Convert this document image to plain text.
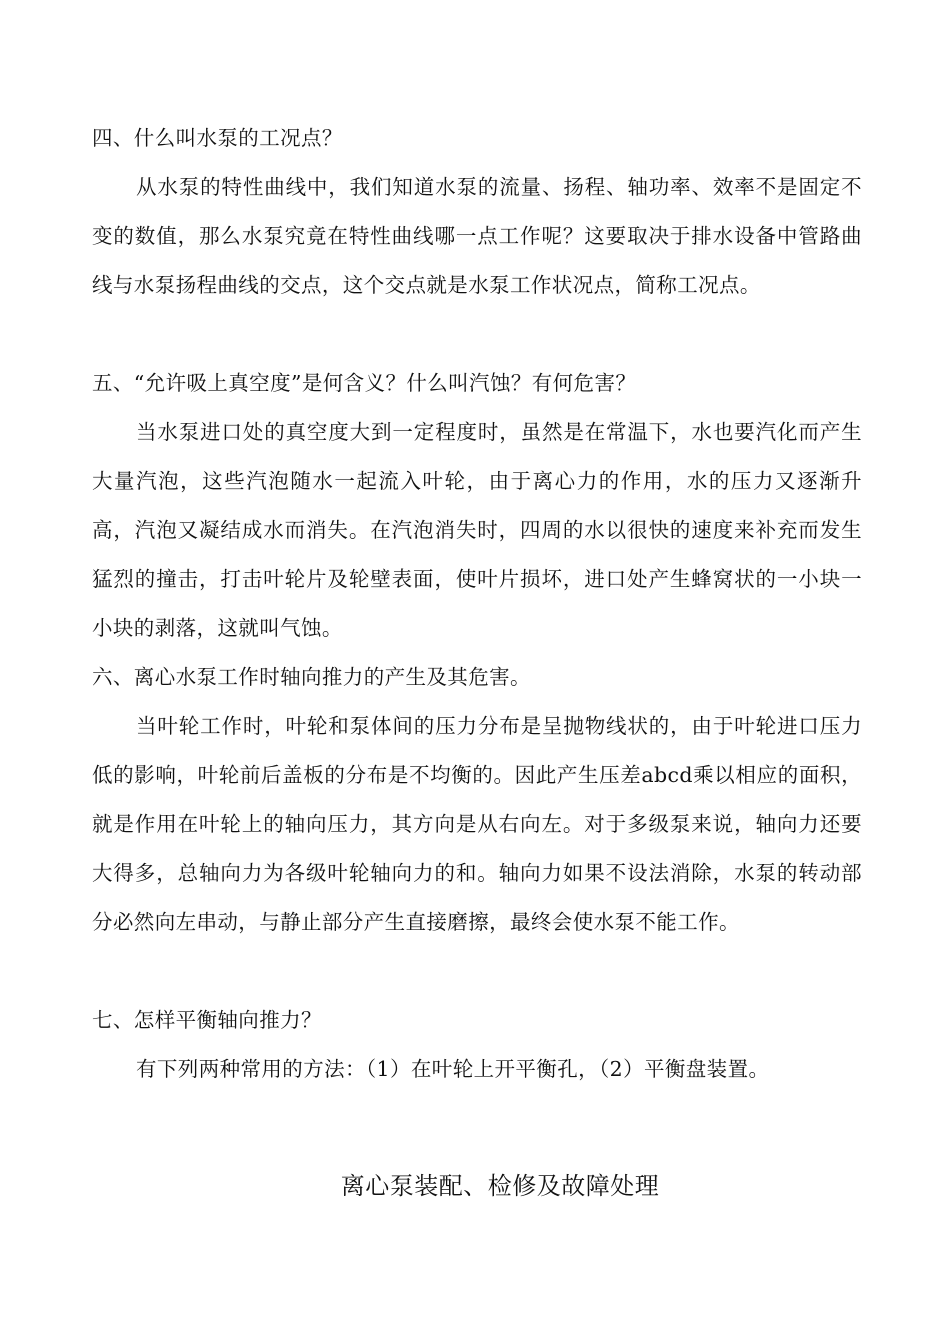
四、什么叫水泵的工况点？

从水泵的特性曲线中，我们知道水泵的流量、扬程、轴功率、效率不是固定不变的数值，那么水泵究竟在特性曲线哪一点工作呢？这要取决于排水设备中管路曲线与水泵扬程曲线的交点，这个交点就是水泵工作状况点，简称工况点。

五、“允许吸上真空度”是何含义？什么叫汽蚀？有何危害？

当水泵进口处的真空度大到一定程度时，虽然是在常温下，水也要汽化而产生大量汽泡，这些汽泡随水一起流入叶轮，由于离心力的作用，水的压力又逐渐升高，汽泡又凝结成水而消失。在汽泡消失时，四周的水以很快的速度来补充而发生猛烈的撞击，打击叶轮片及轮壁表面，使叶片损坏，进口处产生蜂窝状的一小块一小块的剥落，这就叫气蚀。

六、离心水泵工作时轴向推力的产生及其危害。

当叶轮工作时，叶轮和泵体间的压力分布是呈抛物线状的，由于叶轮进口压力低的影响，叶轮前后盖板的分布是不均衡的。因此产生压差abcd乘以相应的面积，就是作用在叶轮上的轴向压力，其方向是从右向左。对于多级泵来说，轴向力还要大得多，总轴向力为各级叶轮轴向力的和。轴向力如果不设法消除，水泵的转动部分必然向左串动，与静止部分产生直接磨擦，最终会使水泵不能工作。

七、怎样平衡轴向推力？

有下列两种常用的方法：（1）在叶轮上开平衡孔，（2）平衡盘装置。

离心泵装配、检修及故障处理
